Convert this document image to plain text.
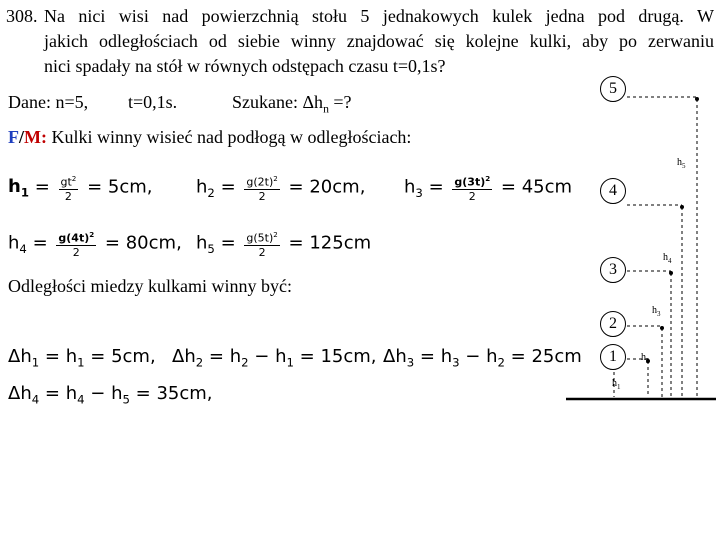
308. Na nici wisi nad powierzchnią stołu 5 jednakowych kulek jedna pod drugą. W
jakich odległościach od siebie winny znajdować się kolejne kulki, aby po zerwaniu
nici spadały na stół w równych odstępach czasu t=0,1s?
Dane: n=5, t=0,1s.	Szukane: $\Delta h_n$ =?
F/M: Kulki winny wisieć nad podłogą w odległościach:
$h_1 = \frac{gt^2}{2} = 5cm$, $h_2 = \frac{g(2t)^2}{2} = 20cm$, $h_3 = \frac{g(3t)^2}{2} = 45cm$
$h_4 = \frac{g(4t)^2}{2} = 80cm$, $h_5 = \frac{g(5t)^2}{2} = 125cm$
Odległości miedzy kulkami winny być:
$\Delta h_1 = h_1 = 5cm$, $\Delta h_2 = h_2 - h_1 = 15cm$, $\Delta h_3 = h_3 - h_2 = 25cm$
$\Delta h_4 = h_4 - h_5 = 35cm$,
5
4
3
2
1
$h_5$
$h_4$
$h_3$
$h_2$
$h_1$
